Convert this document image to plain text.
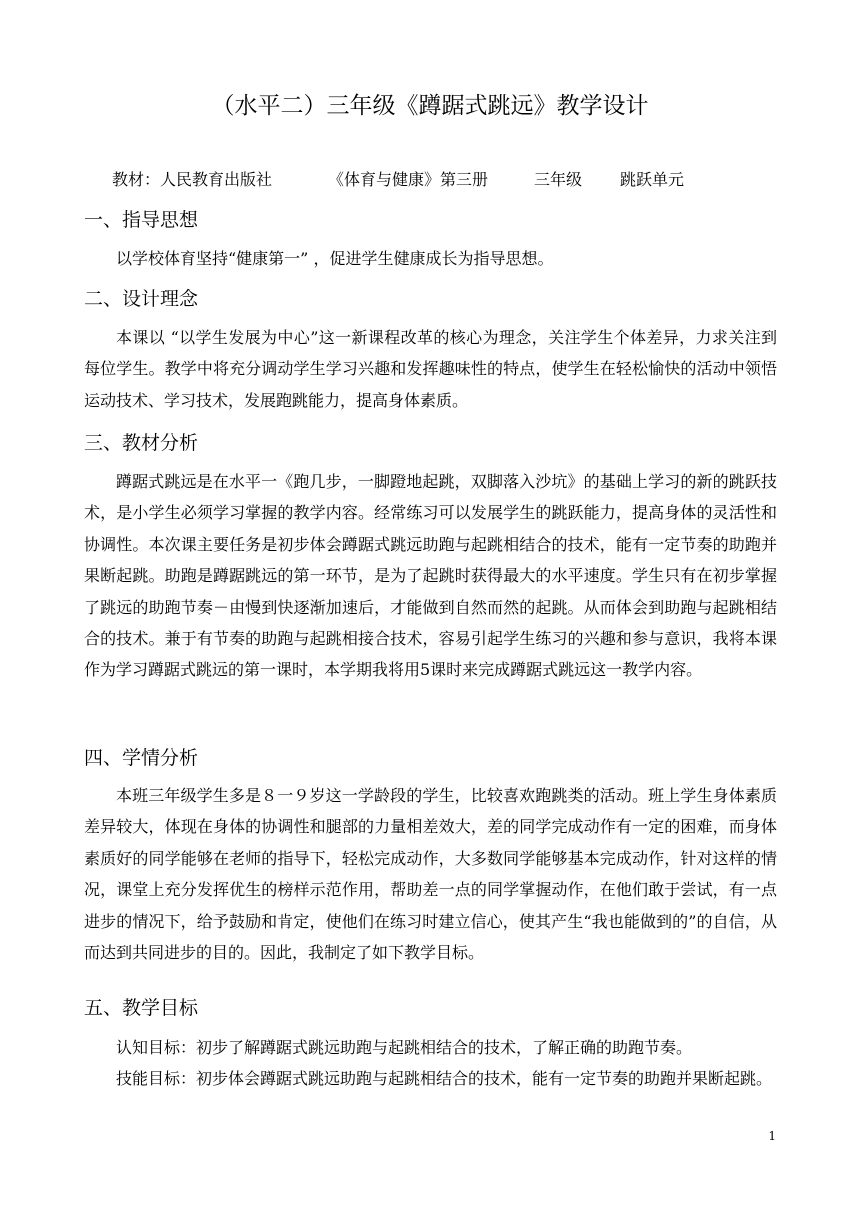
（水平二）三年级《蹲踞式跳远》教学设计
教材：人民教育出版社	《体育与健康》第三册	三年级 跳跃单元
一、指导思想

以学校体育坚持“健康第一” ，促进学生健康成长为指导思想。

二、设计理念

本课以 “以学生发展为中心”这一新课程改革的核心为理念，关注学生个体差异，力求关注到每位学生。教学中将充分调动学生学习兴趣和发挥趣味性的特点，使学生在轻松愉快的活动中领悟运动技术、学习技术，发展跑跳能力，提高身体素质。

三、教材分析

蹲踞式跳远是在水平一《跑几步，一脚蹬地起跳，双脚落入沙坑》的基础上学习的新的跳跃技术，是小学生必须学习掌握的教学内容。经常练习可以发展学生的跳跃能力，提高身体的灵活性和协调性。本次课主要任务是初步体会蹲踞式跳远助跑与起跳相结合的技术，能有一定节奏的助跑并果断起跳。助跑是蹲踞跳远的第一环节，是为了起跳时获得最大的水平速度。学生只有在初步掌握了跳远的助跑节奏－由慢到快逐渐加速后，才能做到自然而然的起跳。从而体会到助跑与起跳相结合的技术。兼于有节奏的助跑与起跳相接合技术，容易引起学生练习的兴趣和参与意识，我将本课作为学习蹲踞式跳远的第一课时，本学期我将用5课时来完成蹲踞式跳远这一教学内容。

四、学情分析

本班三年级学生多是８一９岁这一学龄段的学生，比较喜欢跑跳类的活动。班上学生身体素质差异较大，体现在身体的协调性和腿部的力量相差效大，差的同学完成动作有一定的困难，而身体素质好的同学能够在老师的指导下，轻松完成动作，大多数同学能够基本完成动作，针对这样的情况，课堂上充分发挥优生的榜样示范作用，帮助差一点的同学掌握动作，在他们敢于尝试，有一点进步的情况下，给予鼓励和肯定，使他们在练习时建立信心，使其产生“我也能做到的”的自信，从而达到共同进步的目的。因此，我制定了如下教学目标。

五、教学目标

认知目标：初步了解蹲踞式跳远助跑与起跳相结合的技术，了解正确的助跑节奏。

技能目标：初步体会蹲踞式跳远助跑与起跳相结合的技术，能有一定节奏的助跑并果断起跳。

1
